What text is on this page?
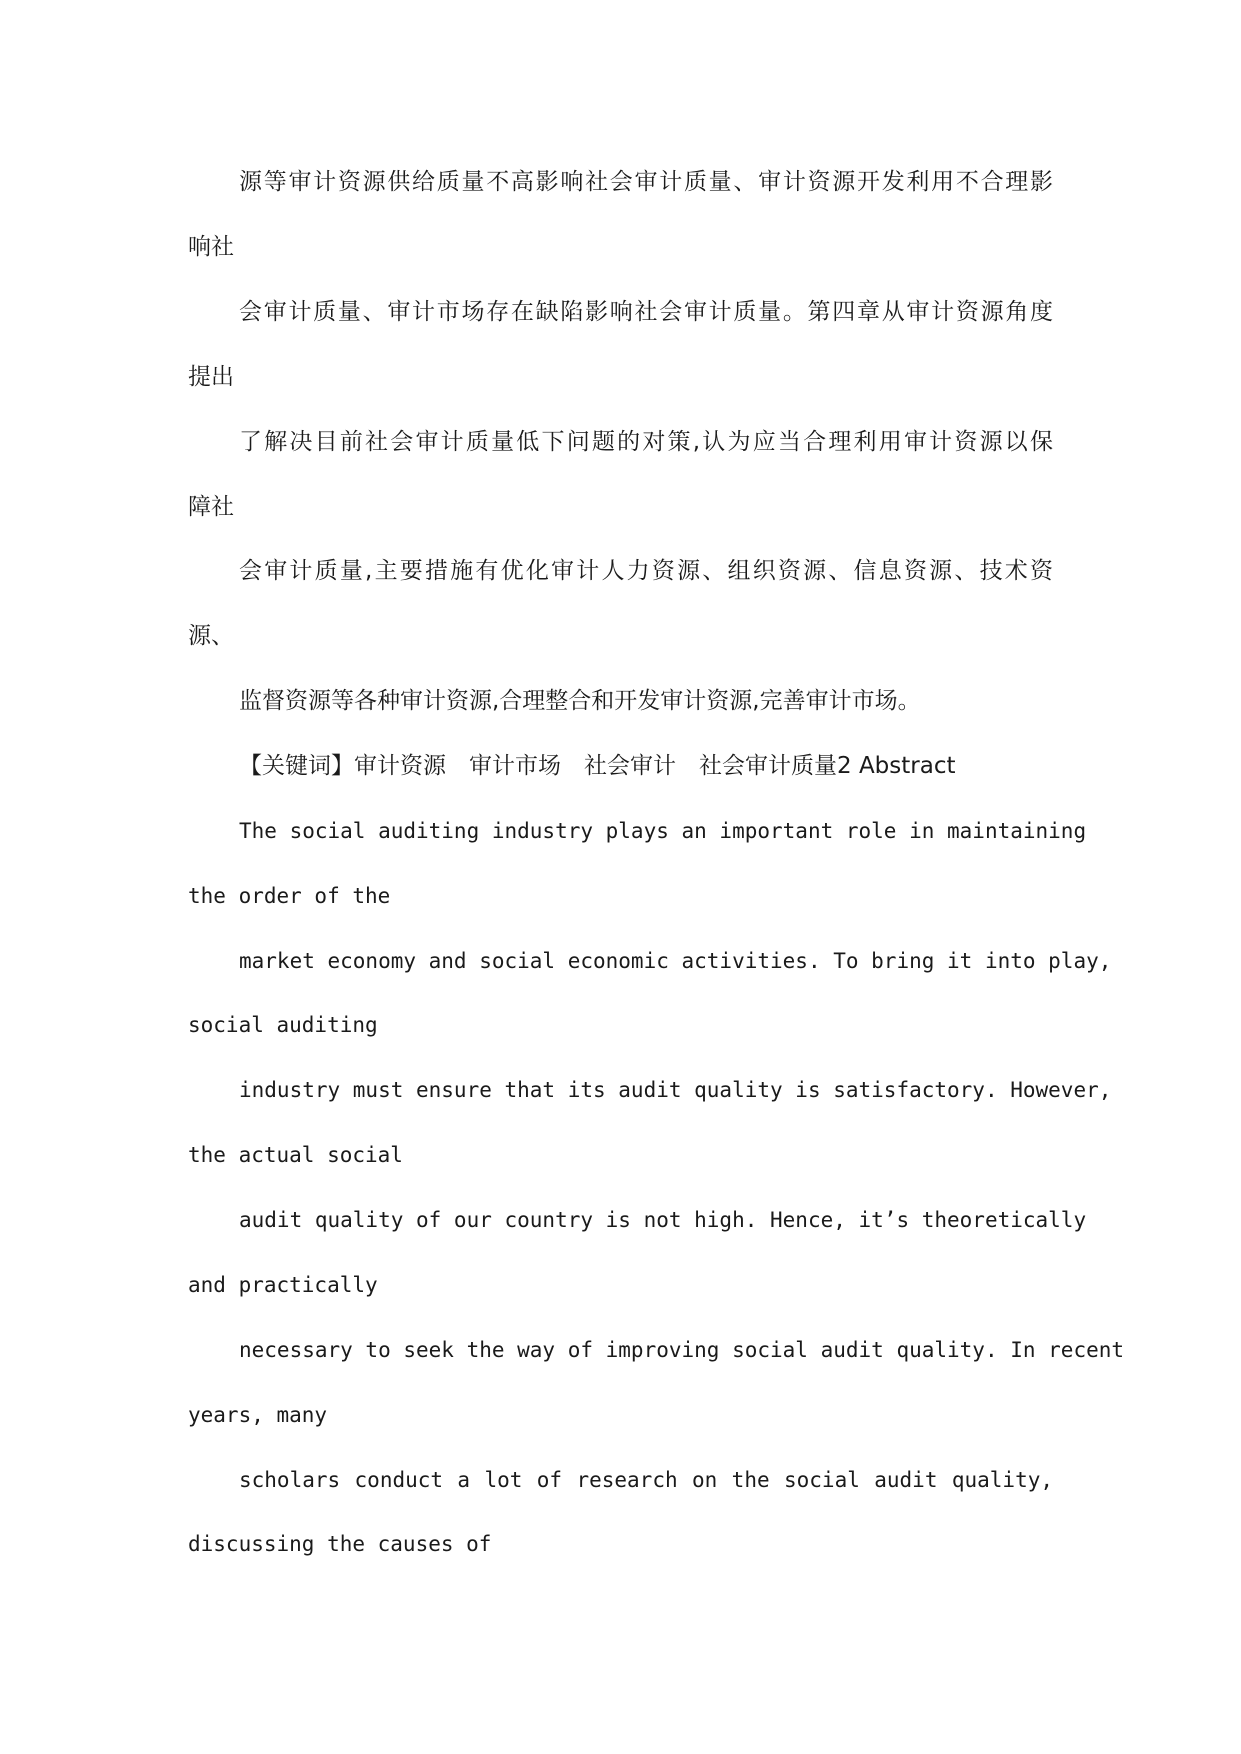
源等审计资源供给质量不高影响社会审计质量、审计资源开发利用不合理影
响社
会审计质量、审计市场存在缺陷影响社会审计质量。第四章从审计资源角度
提出
了解决目前社会审计质量低下问题的对策,认为应当合理利用审计资源以保
障社
会审计质量,主要措施有优化审计人力资源、组织资源、信息资源、技术资
源、
监督资源等各种审计资源,合理整合和开发审计资源,完善审计市场。
【关键词】审计资源　审计市场　社会审计　社会审计质量2 Abstract
The social auditing industry plays an important role in maintaining
the order of the
market economy and social economic activities. To bring it into play,
social auditing
industry must ensure that its audit quality is satisfactory. However,
the actual social
audit quality of our country is not high. Hence, it’s theoretically
and practically
necessary to seek the way of improving social audit quality. In recent
years, many
scholars conduct a lot of research on the social audit quality,
discussing the causes of
